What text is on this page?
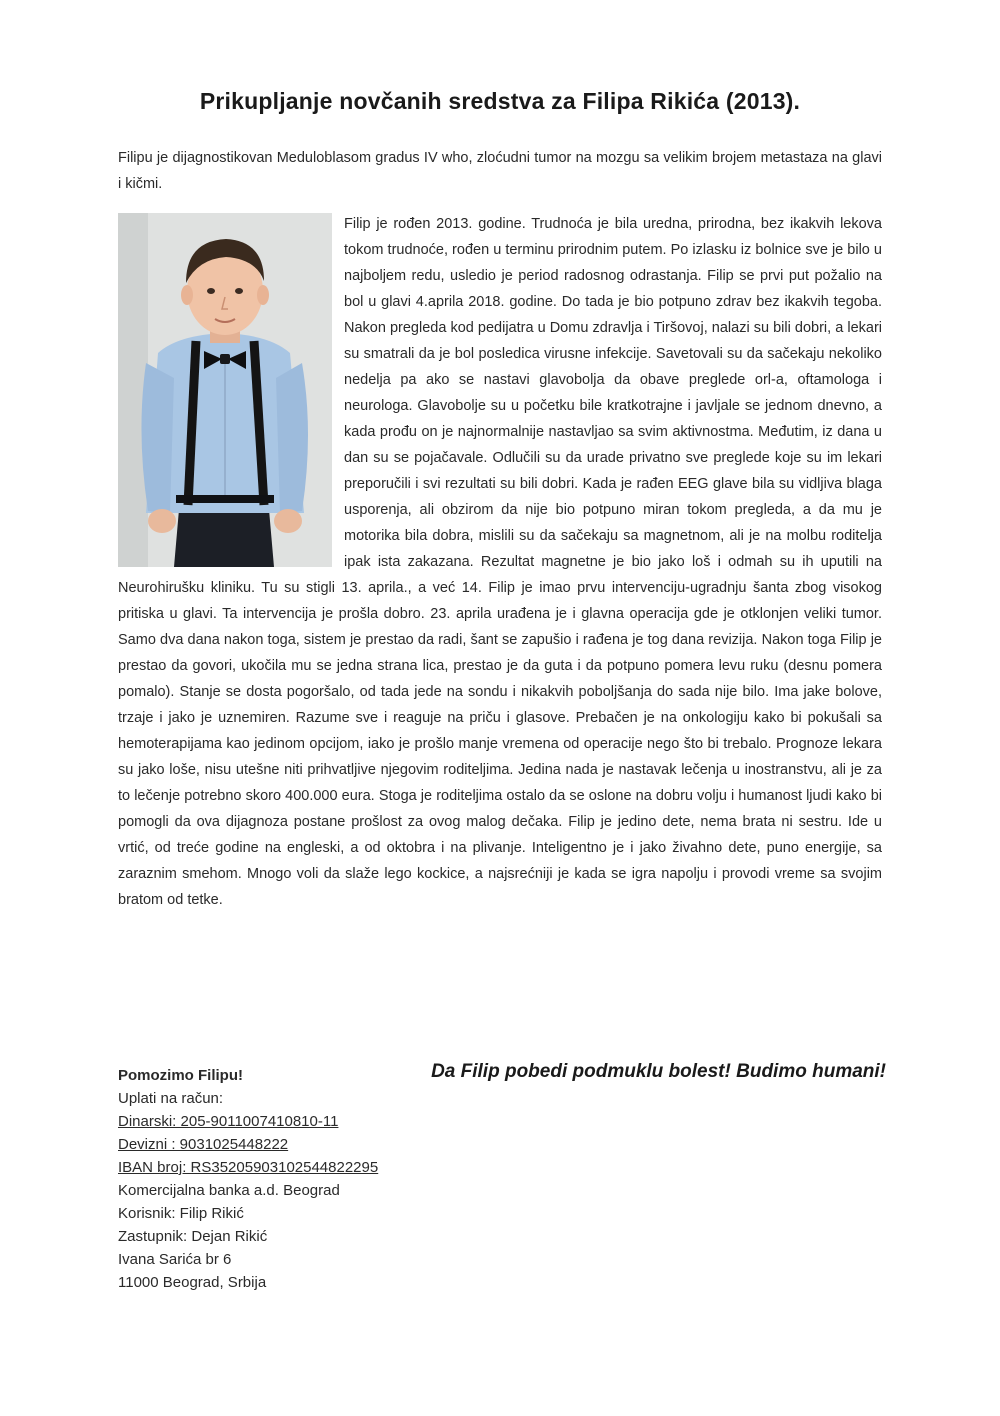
Prikupljanje novčanih sredstva za Filipa Rikića (2013).
Filipu je dijagnostikovan Meduloblasom gradus IV who, zloćudni tumor na mozgu sa velikim brojem metastaza na glavi i kičmi.
Filip je rođen 2013. godine. Trudnoća je bila uredna, prirodna, bez ikakvih lekova tokom trudnoće, rođen u terminu prirodnim putem. Po izlasku iz bolnice sve je bilo u najboljem redu, usledio je period radosnog odrastanja. Filip se prvi put požalio na bol u glavi 4.aprila 2018. godine. Do tada je bio potpuno zdrav bez ikakvih tegoba. Nakon pregleda kod pedijatra u Domu zdravlja i Tiršovoj, nalazi su bili dobri, a lekari su smatrali da je bol posledica virusne infekcije. Savetovali su da sačekaju nekoliko nedelja pa ako se nastavi glavobolja da obave preglede orl-a, oftamologa i neurologa. Glavobolje su u početku bile kratkotrajne i javljale se jednom dnevno, a kada prođu on je najnormalnije nastavljao sa svim aktivnostma. Međutim, iz dana u dan su se pojačavale. Odlučili su da urade privatno sve preglede koje su im lekari preporučili i svi rezultati su bili dobri. Kada je rađen EEG glave bila su vidljiva blaga usporenja, ali obzirom da nije bio potpuno miran tokom pregleda, a da mu je motorika bila dobra, mislili su da sačekaju sa magnetnom, ali je na molbu roditelja ipak ista zakazana. Rezultat magnetne je bio jako loš i odmah su ih uputili na Neurohirušku kliniku. Tu su stigli 13. aprila., a već 14. Filip je imao prvu intervenciju-ugradnju šanta zbog visokog pritiska u glavi. Ta intervencija je prošla dobro. 23. aprila urađena je i glavna operacija gde je otklonjen veliki tumor. Samo dva dana nakon toga, sistem je prestao da radi, šant se zapušio i rađena je tog dana revizija. Nakon toga Filip je prestao da govori, ukočila mu se jedna strana lica, prestao je da guta i da potpuno pomera levu ruku (desnu pomera pomalo). Stanje se dosta pogoršalo, od tada jede na sondu i nikakvih poboljšanja do sada nije bilo. Ima jake bolove, trzaje i jako je uznemiren. Razume sve i reaguje na priču i glasove. Prebačen je na onkologiju kako bi pokušali sa hemoterapijama kao jedinom opcijom, iako je prošlo manje vremena od operacije nego što bi trebalo. Prognoze lekara su jako loše, nisu utešne niti prihvatljive njegovim roditeljima. Jedina nada je nastavak lečenja u inostranstvu, ali je za to lečenje potrebno skoro 400.000 eura. Stoga je roditeljima ostalo da se oslone na dobru volju i humanost ljudi kako bi pomogli da ova dijagnoza postane prošlost za ovog malog dečaka. Filip je jedino dete, nema brata ni sestru. Ide u vrtić, od treće godine na engleski, a od oktobra i na plivanje. Inteligentno je i jako živahno dete, puno energije, sa zaraznim smehom. Mnogo voli da slaže lego kockice, a najsrećniji je kada se igra napolju i provodi vreme sa svojim bratom od tetke.
Pomozimo Filipu!
Uplati na račun:
Dinarski: 205-9011007410810-11
Devizni : 9031025448222
IBAN broj: RS35205903102544822295
Komercijalna banka a.d. Beograd
Korisnik: Filip Rikić
Zastupnik: Dejan Rikić
Ivana Sarića br 6
11000 Beograd, Srbija
Da Filip pobedi podmuklu bolest! Budimo humani!
